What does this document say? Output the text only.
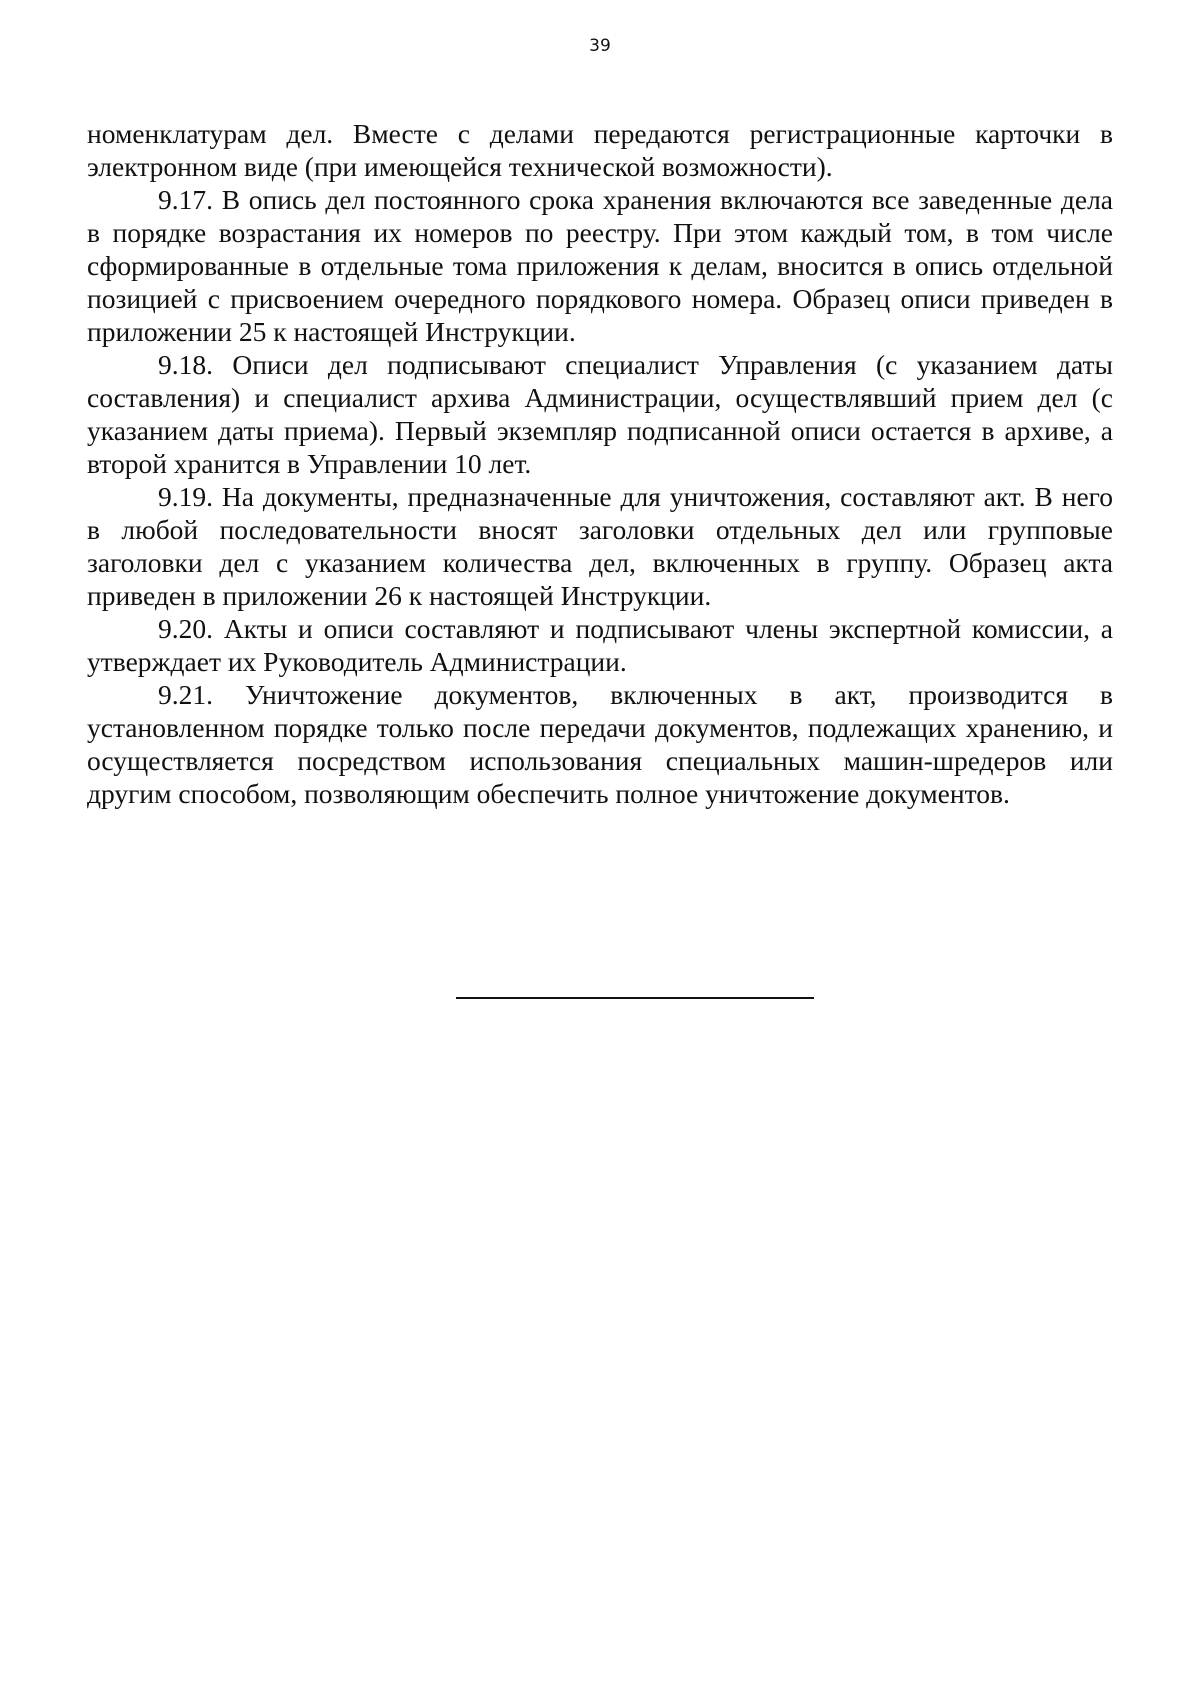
39

номенклатурам дел. Вместе с делами передаются регистрационные карточки в электронном виде (при имеющейся технической возможности).

9.17. В опись дел постоянного срока хранения включаются все заведенные дела в порядке возрастания их номеров по реестру. При этом каждый том, в том числе сформированные в отдельные тома приложения к делам, вносится в опись отдельной позицией с присвоением очередного порядкового номера. Образец описи приведен в приложении 25 к настоящей Инструкции.

9.18. Описи дел подписывают специалист Управления (с указанием даты составления) и специалист архива Администрации, осуществлявший прием дел (с указанием даты приема). Первый экземпляр подписанной описи остается в архиве, а второй хранится в Управлении 10 лет.

9.19. На документы, предназначенные для уничтожения, составляют акт. В него в любой последовательности вносят заголовки отдельных дел или групповые заголовки дел с указанием количества дел, включенных в группу. Образец акта приведен в приложении 26 к настоящей Инструкции.

9.20. Акты и описи составляют и подписывают члены экспертной комиссии, а утверждает их Руководитель Администрации.

9.21. Уничтожение документов, включенных в акт, производится в установленном порядке только после передачи документов, подлежащих хранению, и осуществляется посредством использования специальных машин-шредеров или другим способом, позволяющим обеспечить полное уничтожение документов.
